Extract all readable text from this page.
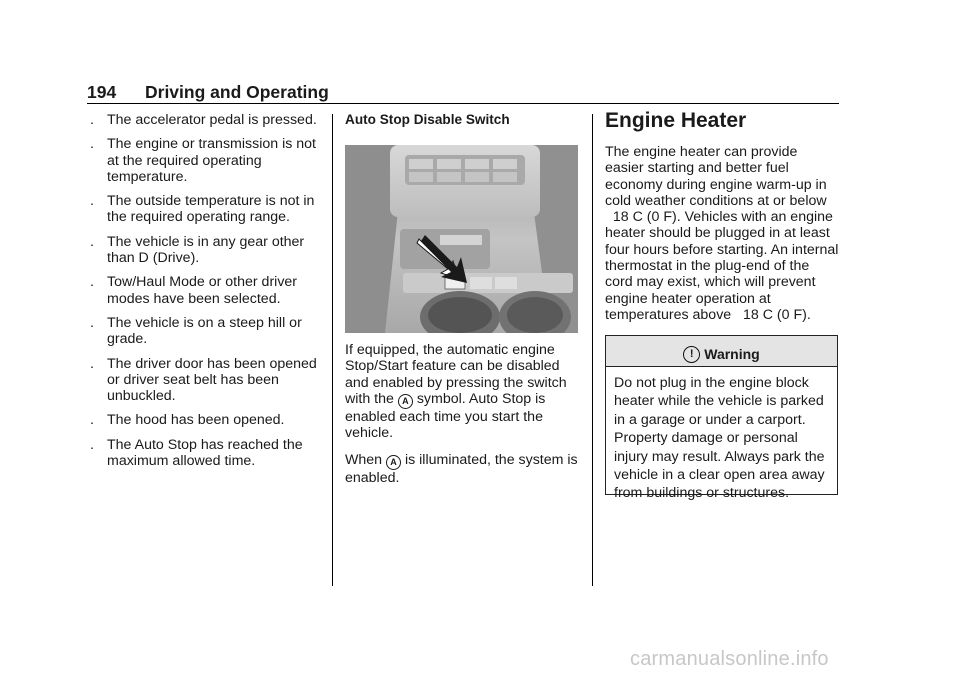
194 Driving and Operating
. The accelerator pedal is pressed.
. The engine or transmission is not at the required operating temperature.
. The outside temperature is not in the required operating range.
. The vehicle is in any gear other than D (Drive).
. Tow/Haul Mode or other driver modes have been selected.
. The vehicle is on a steep hill or grade.
. The driver door has been opened or driver seat belt has been unbuckled.
. The hood has been opened.
. The Auto Stop has reached the maximum allowed time.

Auto Stop Disable Switch

If equipped, the automatic engine Stop/Start feature can be disabled and enabled by pressing the switch
with the A symbol. Auto Stop is enabled each time you start the vehicle.

When A is illuminated, the system is enabled.

Engine Heater

The engine heater can provide easier starting and better fuel economy during engine warm-up in cold weather conditions at or below   18 C (0 F). Vehicles with an engine heater should be plugged in at least four hours before starting. An internal thermostat in the plug-end of the cord may exist, which will prevent engine heater operation at temperatures above   18 C (0 F).

! Warning
Do not plug in the engine block heater while the vehicle is parked in a garage or under a carport. Property damage or personal injury may result. Always park the vehicle in a clear open area away from buildings or structures.
carmanualsonline.info
